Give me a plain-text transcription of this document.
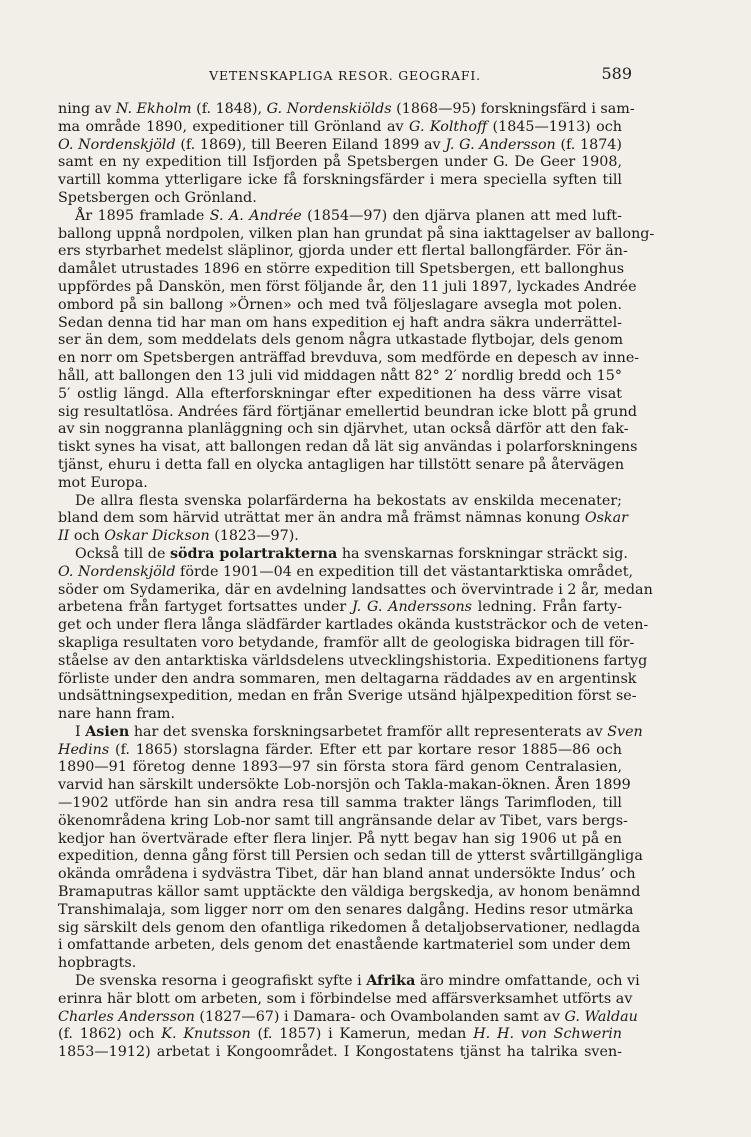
VETENSKAPLIGA RESOR. GEOGRAFI.	589
ning av N. Ekholm (f. 1848), G. Nordenskiölds (1868—95) forskningsfärd i sam-
ma område 1890, expeditioner till Grönland av G. Kolthoff (1845—1913) och
O. Nordenskjöld (f. 1869), till Beeren Eiland 1899 av J. G. Andersson (f. 1874)
samt en ny expedition till Isfjorden på Spetsbergen under G. De Geer 1908,
vartill komma ytterligare icke få forskningsfärder i mera speciella syften till
Spetsbergen och Grönland.
År 1895 framlade S. A. Andrée (1854—97) den djärva planen att med luft-
ballong uppnå nordpolen, vilken plan han grundat på sina iakttagelser av ballong-
ers styrbarhet medelst släplinor, gjorda under ett flertal ballongfärder. För än-
damålet utrustades 1896 en större expedition till Spetsbergen, ett ballonghus
uppfördes på Danskön, men först följande år, den 11 juli 1897, lyckades Andrée
ombord på sin ballong »Örnen» och med två följeslagare avsegla mot polen.
Sedan denna tid har man om hans expedition ej haft andra säkra underrättel-
ser än dem, som meddelats dels genom några utkastade flytbojar, dels genom
en norr om Spetsbergen anträffad brevduva, som medförde en depesch av inne-
håll, att ballongen den 13 juli vid middagen nått 82° 2′ nordlig bredd och 15°
5′ ostlig längd. Alla efterforskningar efter expeditionen ha dess värre visat
sig resultatlösa. Andrées färd förtjänar emellertid beundran icke blott på grund
av sin noggranna planläggning och sin djärvhet, utan också därför att den fak-
tiskt synes ha visat, att ballongen redan då lät sig användas i polarforskningens
tjänst, ehuru i detta fall en olycka antagligen har tillstött senare på återvägen
mot Europa.
De allra flesta svenska polarfärderna ha bekostats av enskilda mecenater;
bland dem som härvid uträttat mer än andra må främst nämnas konung Oskar
II och Oskar Dickson (1823—97).
Också till de södra polartrakterna ha svenskarnas forskningar sträckt sig.
O. Nordenskjöld förde 1901—04 en expedition till det västantarktiska området,
söder om Sydamerika, där en avdelning landsattes och övervintrade i 2 år, medan
arbetena från fartyget fortsattes under J. G. Anderssons ledning. Från farty-
get och under flera långa slädfärder kartlades okända kuststräckor och de veten-
skapliga resultaten voro betydande, framför allt de geologiska bidragen till för-
ståelse av den antarktiska världsdelens utvecklingshistoria. Expeditionens fartyg
förliste under den andra sommaren, men deltagarna räddades av en argentinsk
undsättningsexpedition, medan en från Sverige utsänd hjälpexpedition först se-
nare hann fram.
I Asien har det svenska forskningsarbetet framför allt representerats av Sven
Hedins (f. 1865) storslagna färder. Efter ett par kortare resor 1885—86 och
1890—91 företog denne 1893—97 sin första stora färd genom Centralasien,
varvid han särskilt undersökte Lob-norsjön och Takla-makan-öknen. Åren 1899
—1902 utförde han sin andra resa till samma trakter längs Tarimfloden, till
ökenområdena kring Lob-nor samt till angränsande delar av Tibet, vars bergs-
kedjor han övertvärade efter flera linjer. På nytt begav han sig 1906 ut på en
expedition, denna gång först till Persien och sedan till de ytterst svårtillgängliga
okända områdena i sydvästra Tibet, där han bland annat undersökte Indus’ och
Bramaputras källor samt upptäckte den väldiga bergskedja, av honom benämnd
Transhimalaja, som ligger norr om den senares dalgång. Hedins resor utmärka
sig särskilt dels genom den ofantliga rikedomen å detaljobservationer, nedlagda
i omfattande arbeten, dels genom det enastående kartmateriel som under dem
hopbragts.
De svenska resorna i geografiskt syfte i Afrika äro mindre omfattande, och vi
erinra här blott om arbeten, som i förbindelse med affärsverksamhet utförts av
Charles Andersson (1827—67) i Damara- och Ovambolanden samt av G. Waldau
(f. 1862) och K. Knutsson (f. 1857) i Kamerun, medan H. H. von Schwerin
1853—1912) arbetat i Kongoområdet. I Kongostatens tjänst ha talrika sven-
